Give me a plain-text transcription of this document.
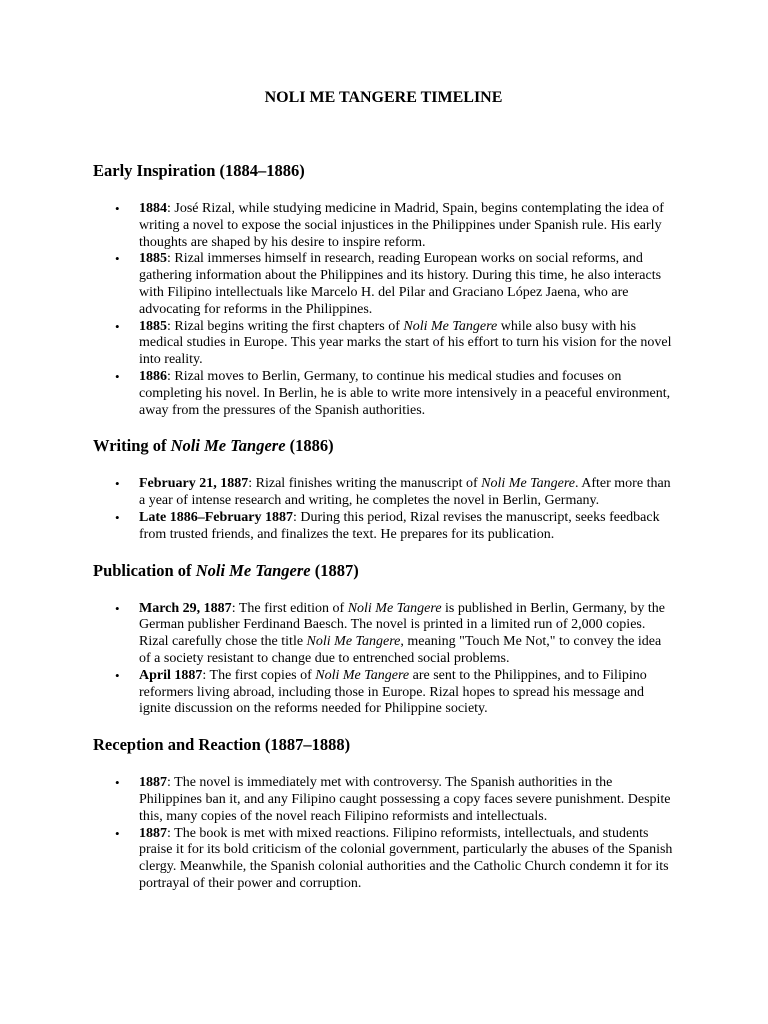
NOLI ME TANGERE TIMELINE
Early Inspiration (1884–1886)
• 1884: José Rizal, while studying medicine in Madrid, Spain, begins contemplating the idea of writing a novel to expose the social injustices in the Philippines under Spanish rule. His early thoughts are shaped by his desire to inspire reform.
• 1885: Rizal immerses himself in research, reading European works on social reforms, and gathering information about the Philippines and its history. During this time, he also interacts with Filipino intellectuals like Marcelo H. del Pilar and Graciano López Jaena, who are advocating for reforms in the Philippines.
• 1885: Rizal begins writing the first chapters of Noli Me Tangere while also busy with his medical studies in Europe. This year marks the start of his effort to turn his vision for the novel into reality.
• 1886: Rizal moves to Berlin, Germany, to continue his medical studies and focuses on completing his novel. In Berlin, he is able to write more intensively in a peaceful environment, away from the pressures of the Spanish authorities.
Writing of Noli Me Tangere (1886)
• February 21, 1887: Rizal finishes writing the manuscript of Noli Me Tangere. After more than a year of intense research and writing, he completes the novel in Berlin, Germany.
• Late 1886–February 1887: During this period, Rizal revises the manuscript, seeks feedback from trusted friends, and finalizes the text. He prepares for its publication.
Publication of Noli Me Tangere (1887)
• March 29, 1887: The first edition of Noli Me Tangere is published in Berlin, Germany, by the German publisher Ferdinand Baesch. The novel is printed in a limited run of 2,000 copies. Rizal carefully chose the title Noli Me Tangere, meaning "Touch Me Not," to convey the idea of a society resistant to change due to entrenched social problems.
• April 1887: The first copies of Noli Me Tangere are sent to the Philippines, and to Filipino reformers living abroad, including those in Europe. Rizal hopes to spread his message and ignite discussion on the reforms needed for Philippine society.
Reception and Reaction (1887–1888)
• 1887: The novel is immediately met with controversy. The Spanish authorities in the Philippines ban it, and any Filipino caught possessing a copy faces severe punishment. Despite this, many copies of the novel reach Filipino reformists and intellectuals.
• 1887: The book is met with mixed reactions. Filipino reformists, intellectuals, and students praise it for its bold criticism of the colonial government, particularly the abuses of the Spanish clergy. Meanwhile, the Spanish colonial authorities and the Catholic Church condemn it for its portrayal of their power and corruption.
